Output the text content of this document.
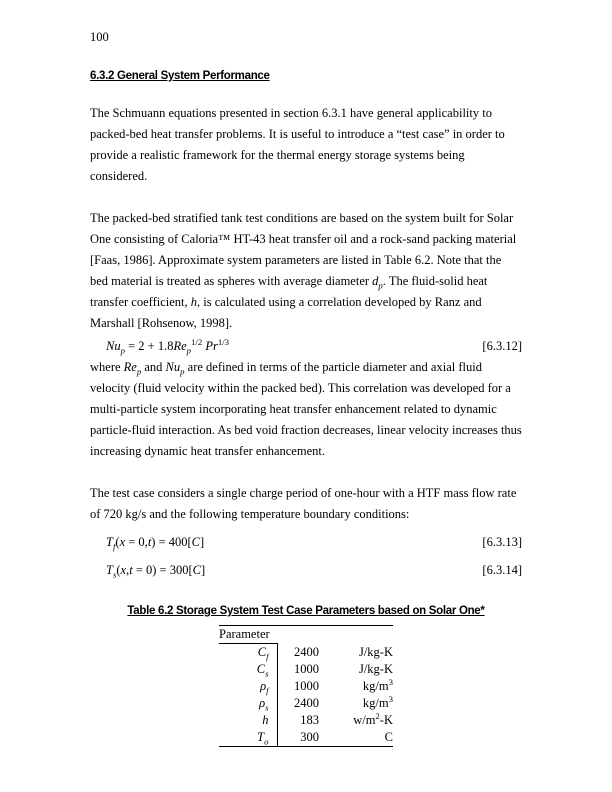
100
6.3.2 General System Performance

The Schmuann equations presented in section 6.3.1 have general applicability to packed-bed heat transfer problems. It is useful to introduce a “test case” in order to provide a realistic framework for the thermal energy storage systems being considered.

The packed-bed stratified tank test conditions are based on the system built for Solar One consisting of Caloria™ HT-43 heat transfer oil and a rock-sand packing material [Faas, 1986]. Approximate system parameters are listed in Table 6.2. Note that the bed material is treated as spheres with average diameter $d_p$. The fluid-solid heat transfer coefficient, h, is calculated using a correlation developed by Ranz and Marshall [Rohsenow, 1998].

$Nu_p = 2 + 1.8Re_p^{1/2}$ $Pr^{1/3}$	[6.3.12]

where $Re_p$ and $Nu_p$ are defined in terms of the particle diameter and axial fluid velocity (fluid velocity within the packed bed). This correlation was developed for a multi-particle system incorporating heat transfer enhancement related to dynamic particle-fluid interaction. As bed void fraction decreases, linear velocity increases thus increasing dynamic heat transfer enhancement.

The test case considers a single charge period of one-hour with a HTF mass flow rate of 720 kg/s and the following temperature boundary conditions:

$T_f(x = 0,t) = 400[C]$	[6.3.13]
$T_s(x,t = 0) = 300[C]$	[6.3.14]
Table 6.2 Storage System Test Case Parameters based on Solar One*
Parameter		
$C_f$	2400	J/kg-K
$C_s$	1000	J/kg-K
$\rho_f$	1000	$kg/m^3$
$\rho_s$	2400	$kg/m^3$
h	183	$w/m^2-K$
$T_o$	300	C
